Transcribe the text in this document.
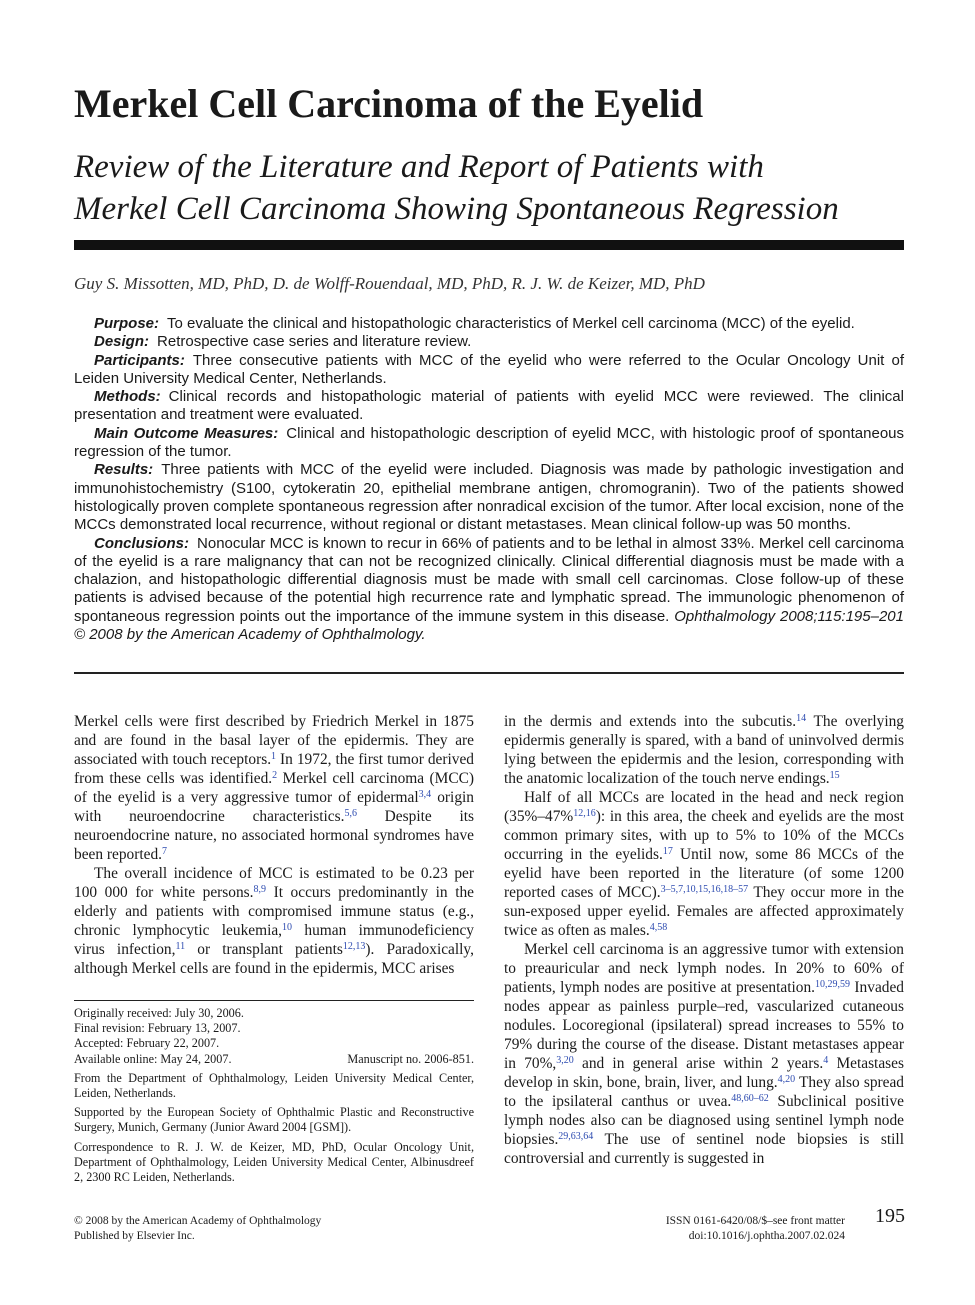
Merkel Cell Carcinoma of the Eyelid
Review of the Literature and Report of Patients with
Merkel Cell Carcinoma Showing Spontaneous Regression
Guy S. Missotten, MD, PhD, D. de Wolff-Rouendaal, MD, PhD, R. J. W. de Keizer, MD, PhD

Purpose: To evaluate the clinical and histopathologic characteristics of Merkel cell carcinoma (MCC) of the eyelid.

Design: Retrospective case series and literature review.

Participants: Three consecutive patients with MCC of the eyelid who were referred to the Ocular Oncology Unit of Leiden University Medical Center, Netherlands.

Methods: Clinical records and histopathologic material of patients with eyelid MCC were reviewed. The clinical presentation and treatment were evaluated.

Main Outcome Measures: Clinical and histopathologic description of eyelid MCC, with histologic proof of spontaneous regression of the tumor.

Results: Three patients with MCC of the eyelid were included. Diagnosis was made by pathologic investigation and immunohistochemistry (S100, cytokeratin 20, epithelial membrane antigen, chromogranin). Two of the patients showed histologically proven complete spontaneous regression after nonradical excision of the tumor. After local excision, none of the MCCs demonstrated local recurrence, without regional or distant metastases. Mean clinical follow-up was 50 months.

Conclusions: Nonocular MCC is known to recur in 66% of patients and to be lethal in almost 33%. Merkel cell carcinoma of the eyelid is a rare malignancy that can not be recognized clinically. Clinical differential diagnosis must be made with a chalazion, and histopathologic differential diagnosis must be made with small cell carcinomas. Close follow-up of these patients is advised because of the potential high recurrence rate and lymphatic spread. The immunologic phenomenon of spontaneous regression points out the importance of the immune system in this disease. Ophthalmology 2008;115:195–201 © 2008 by the American Academy of Ophthalmology.

Merkel cells were first described by Friedrich Merkel in 1875 and are found in the basal layer of the epidermis. They are associated with touch receptors.$^1$ In 1972, the first tumor derived from these cells was identified.$^2$ Merkel cell carcinoma (MCC) of the eyelid is a very aggressive tumor of epidermal$^{3,4}$ origin with neuroendocrine characteristics.$^{5,6}$ Despite its neuroendocrine nature, no associated hormonal syndromes have been reported.$^7$

The overall incidence of MCC is estimated to be 0.23 per 100 000 for white persons.$^{8,9}$ It occurs predominantly in the elderly and patients with compromised immune status (e.g., chronic lymphocytic leukemia,$^{10}$ human immunodeficiency virus infection,$^{11}$ or transplant patients$^{12,13}$). Paradoxically, although Merkel cells are found in the epidermis, MCC arises

in the dermis and extends into the subcutis.$^{14}$ The overlying epidermis generally is spared, with a band of uninvolved dermis lying between the epidermis and the lesion, corresponding with the anatomic localization of the touch nerve endings.$^{15}$

Half of all MCCs are located in the head and neck region (35%–47%$^{12,16}$): in this area, the cheek and eyelids are the most common primary sites, with up to 5% to 10% of the MCCs occurring in the eyelids.$^{17}$ Until now, some 86 MCCs of the eyelid have been reported in the literature (of some 1200 reported cases of MCC).$^{3-5,7,10,15,16,18-57}$ They occur more in the sun-exposed upper eyelid. Females are affected approximately twice as often as males.$^{4,58}$

Merkel cell carcinoma is an aggressive tumor with extension to preauricular and neck lymph nodes. In 20% to 60% of patients, lymph nodes are positive at presentation.$^{10,29,59}$ Invaded nodes appear as painless purple–red, vascularized cutaneous nodules. Locoregional (ipsilateral) spread increases to 55% to 79% during the course of the disease. Distant metastases appear in 70%,$^{3,20}$ and in general arise within 2 years.$^4$ Metastases develop in skin, bone, brain, liver, and lung.$^{4,20}$ They also spread to the ipsilateral canthus or uvea.$^{48,60-62}$ Subclinical positive lymph nodes also can be diagnosed using sentinel lymph node biopsies.$^{29,63,64}$ The use of sentinel node biopsies is still controversial and currently is suggested in

Originally received: July 30, 2006.
Final revision: February 13, 2007.
Accepted: February 22, 2007.
Available online: May 24, 2007.	Manuscript no. 2006-851.
From the Department of Ophthalmology, Leiden University Medical Center, Leiden, Netherlands.
Supported by the European Society of Ophthalmic Plastic and Reconstructive Surgery, Munich, Germany (Junior Award 2004 [GSM]).
Correspondence to R. J. W. de Keizer, MD, PhD, Ocular Oncology Unit, Department of Ophthalmology, Leiden University Medical Center, Albinusdreef 2, 2300 RC Leiden, Netherlands.
© 2008 by the American Academy of Ophthalmology
Published by Elsevier Inc.
ISSN 0161-6420/08/$–see front matter
doi:10.1016/j.ophtha.2007.02.024
195
